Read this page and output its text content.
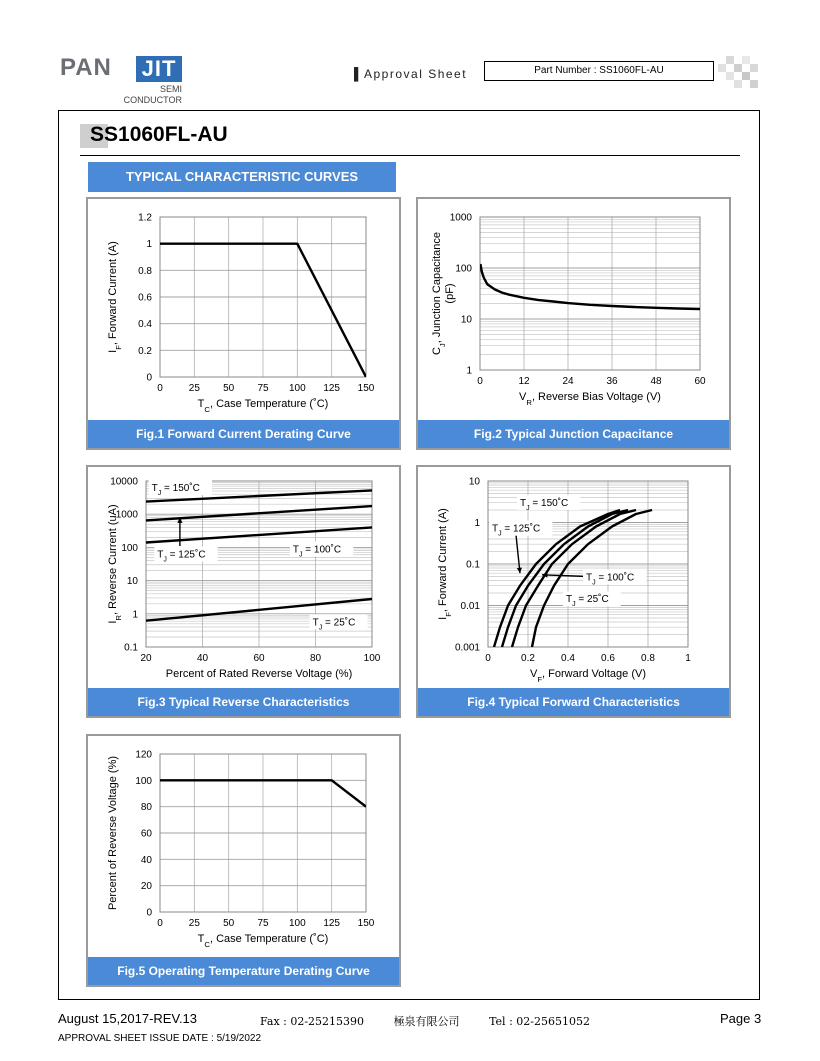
PAN JIT
SEMI
CONDUCTOR
▌Approval Sheet	Part Number : SS1060FL-AU
SS1060FL-AU
TYPICAL CHARACTERISTIC CURVES
0	25 50 75 100 125 150
0
0.2
0.4
0.6
0.8
1
1.2
$T_C$, Case Temperature (˚C)
$I_F$, Forward Current (A)
Fig.1 Forward Current Derating Curve
0	12	24	36	48	60
1
10
100
1000
$V_R$, Reverse Bias Voltage (V)
$C_J$, Junction Capacitance (pF)
Fig.2 Typical Junction Capacitance
20	40	60	80	100
0.1
1
10
100
1000
10000
Percent of Rated Reverse Voltage (%)
$I_R$, Reverse Current (uA)
$T_J$ = 150˚C
$T_J$ = 125˚C	$T_J$ = 100˚C
$T_J$ = 25˚C
Fig.3 Typical Reverse Characteristics
0	0.2	0.4	0.6	0.8	1
0.001
0.01
0.1
1
10
$V_F$, Forward Voltage (V)
$I_F$, Forward Current (A)
$T_J$ = 150˚C
$T_J$ = 125˚C
$T_J$ = 100˚C
$T_J$ = 25˚C
Fig.4 Typical Forward Characteristics
0	25 50 75 100 125 150
0
20
40
60
80
100
120
$T_C$, Case Temperature (˚C)
Percent of Reverse Voltage (%)
Fig.5 Operating Temperature Derating Curve
August 15,2017-REV.13	Fax : 02-25215390	極泉有限公司	Tel : 02-25651052	Page 3
APPROVAL SHEET ISSUE DATE : 5/19/2022
